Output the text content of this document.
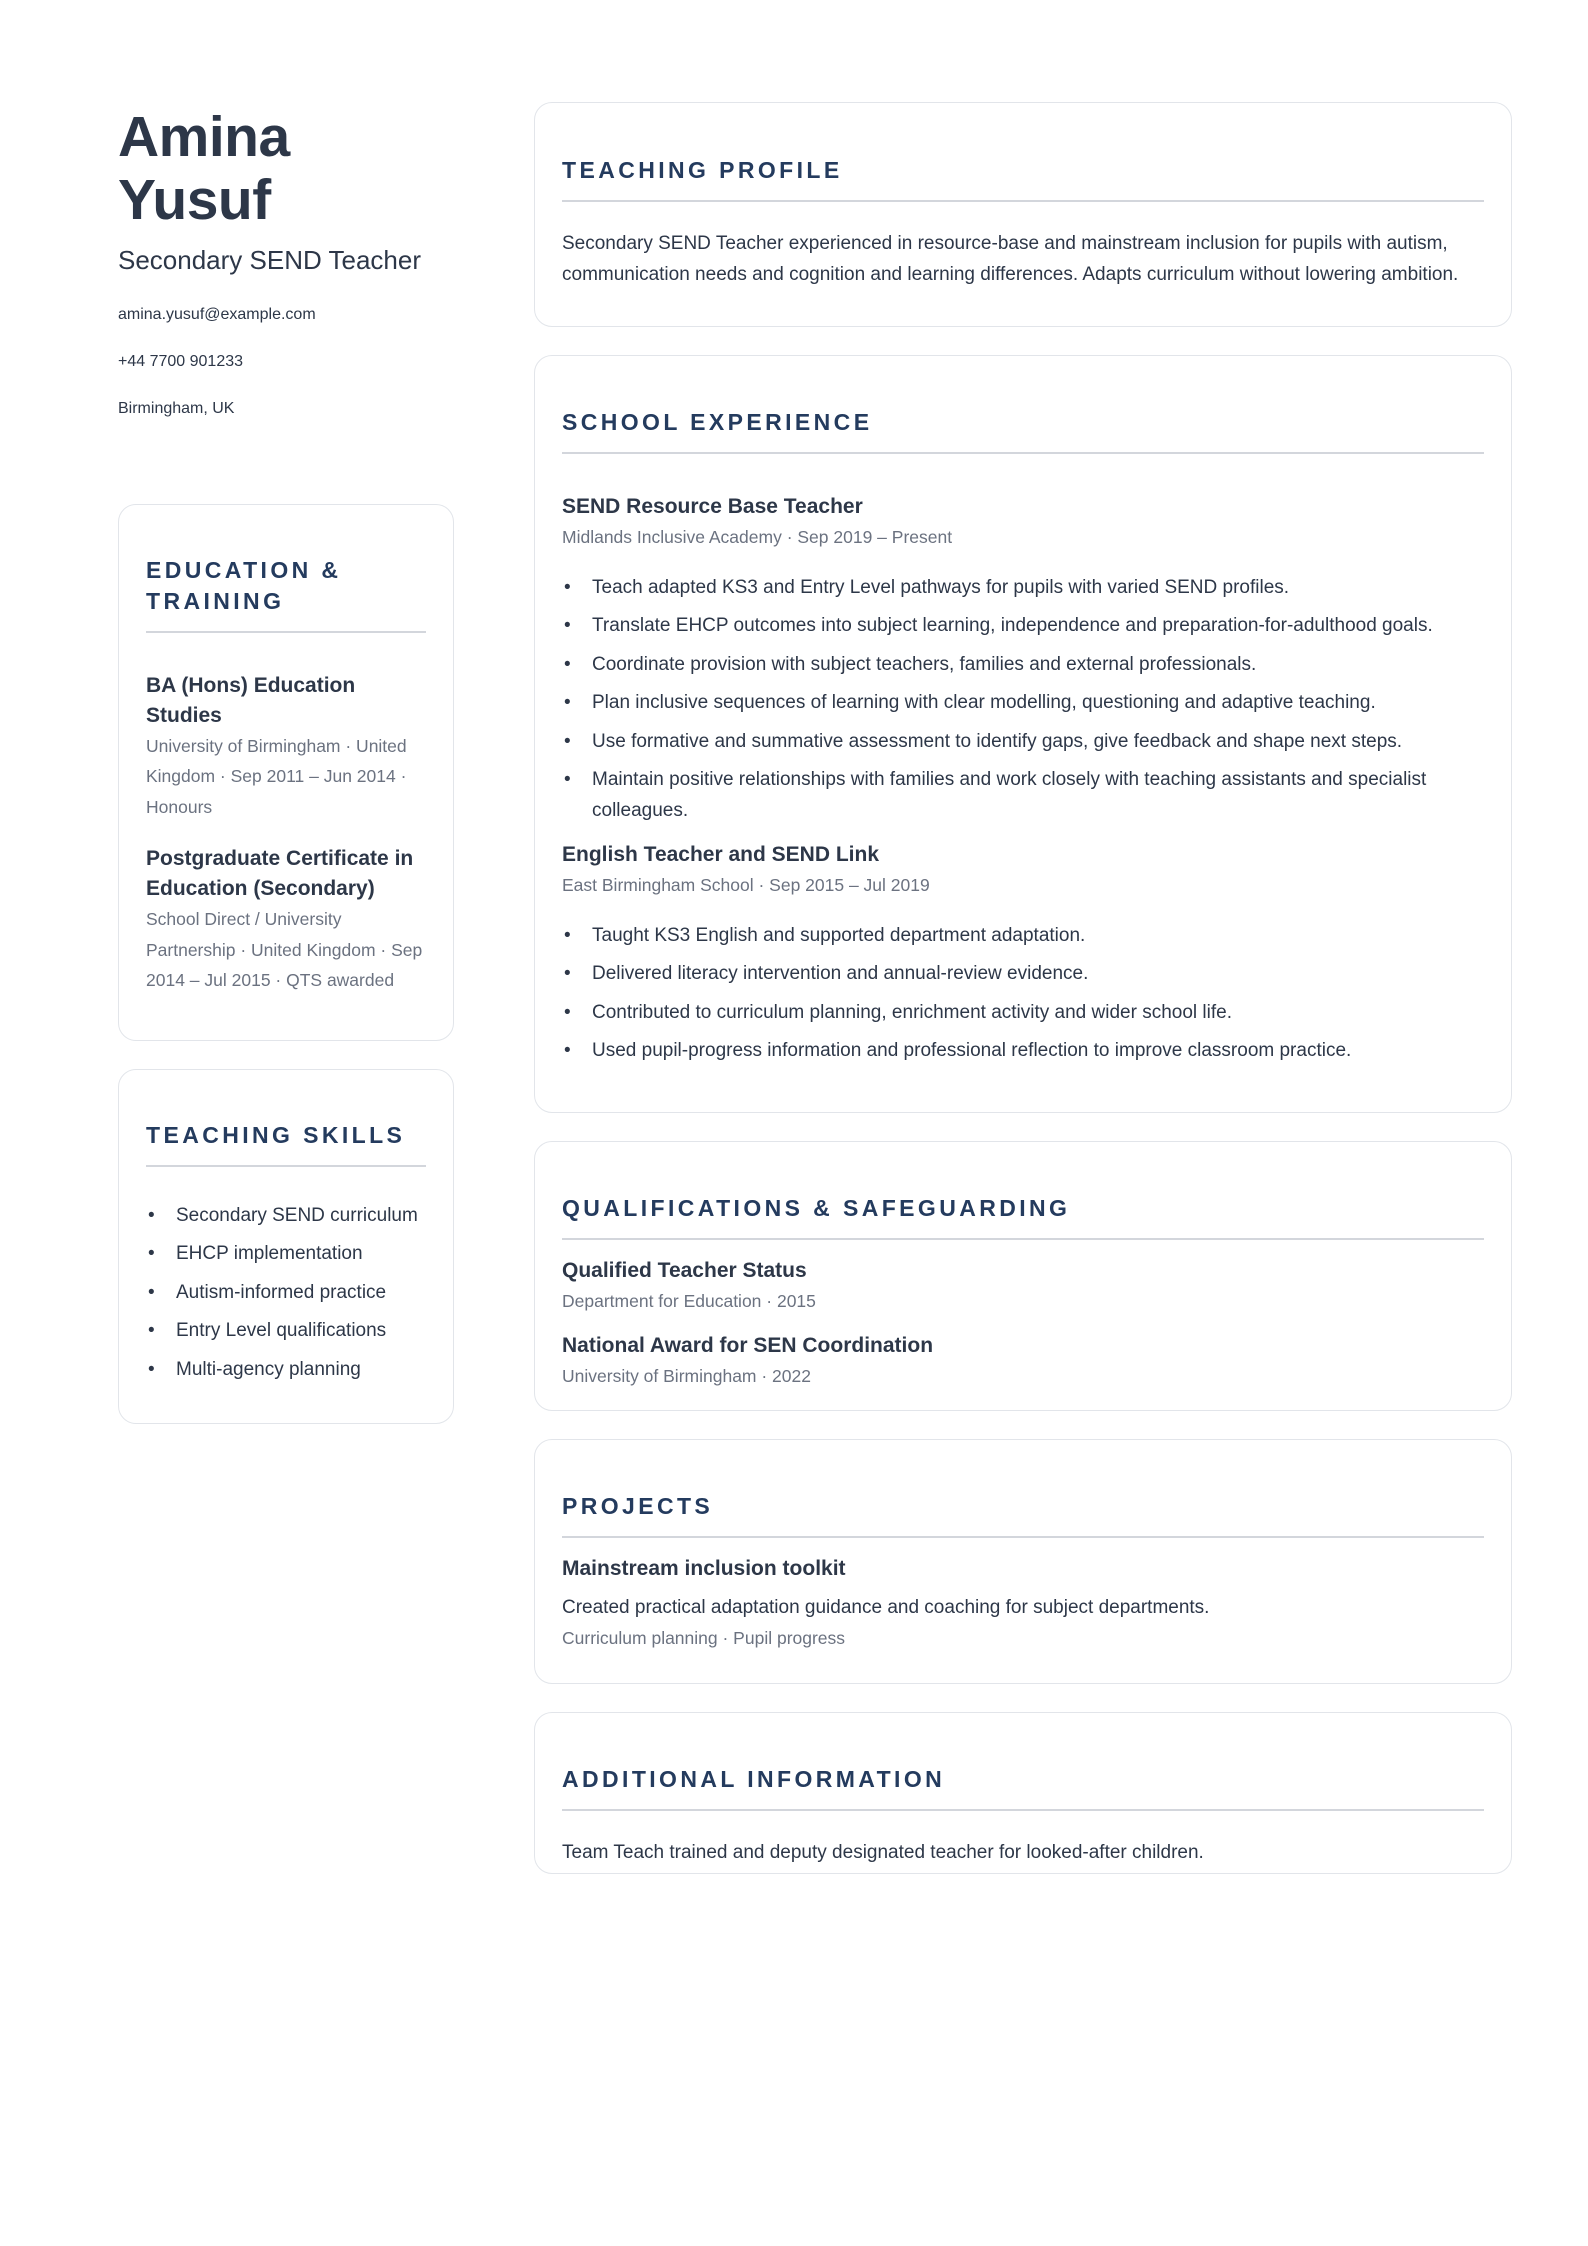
Amina Yusuf
Secondary SEND Teacher
amina.yusuf@example.com
+44 7700 901233
Birmingham, UK
EDUCATION & TRAINING
BA (Hons) Education Studies
University of Birmingham · United Kingdom · Sep 2011 – Jun 2014 · Honours
Postgraduate Certificate in Education (Secondary)
School Direct / University Partnership · United Kingdom · Sep 2014 – Jul 2015 · QTS awarded
TEACHING SKILLS
• Secondary SEND curriculum
• EHCP implementation
• Autism-informed practice
• Entry Level qualifications
• Multi-agency planning
TEACHING PROFILE
Secondary SEND Teacher experienced in resource-base and mainstream inclusion for pupils with autism, communication needs and cognition and learning differences. Adapts curriculum without lowering ambition.
SCHOOL EXPERIENCE
SEND Resource Base Teacher
Midlands Inclusive Academy · Sep 2019 – Present
• Teach adapted KS3 and Entry Level pathways for pupils with varied SEND profiles.
• Translate EHCP outcomes into subject learning, independence and preparation-for-adulthood goals.
• Coordinate provision with subject teachers, families and external professionals.
• Plan inclusive sequences of learning with clear modelling, questioning and adaptive teaching.
• Use formative and summative assessment to identify gaps, give feedback and shape next steps.
• Maintain positive relationships with families and work closely with teaching assistants and specialist colleagues.
English Teacher and SEND Link
East Birmingham School · Sep 2015 – Jul 2019
• Taught KS3 English and supported department adaptation.
• Delivered literacy intervention and annual-review evidence.
• Contributed to curriculum planning, enrichment activity and wider school life.
• Used pupil-progress information and professional reflection to improve classroom practice.
QUALIFICATIONS & SAFEGUARDING
Qualified Teacher Status
Department for Education · 2015
National Award for SEN Coordination
University of Birmingham · 2022
PROJECTS
Mainstream inclusion toolkit
Created practical adaptation guidance and coaching for subject departments.
Curriculum planning · Pupil progress
ADDITIONAL INFORMATION
Team Teach trained and deputy designated teacher for looked-after children.
